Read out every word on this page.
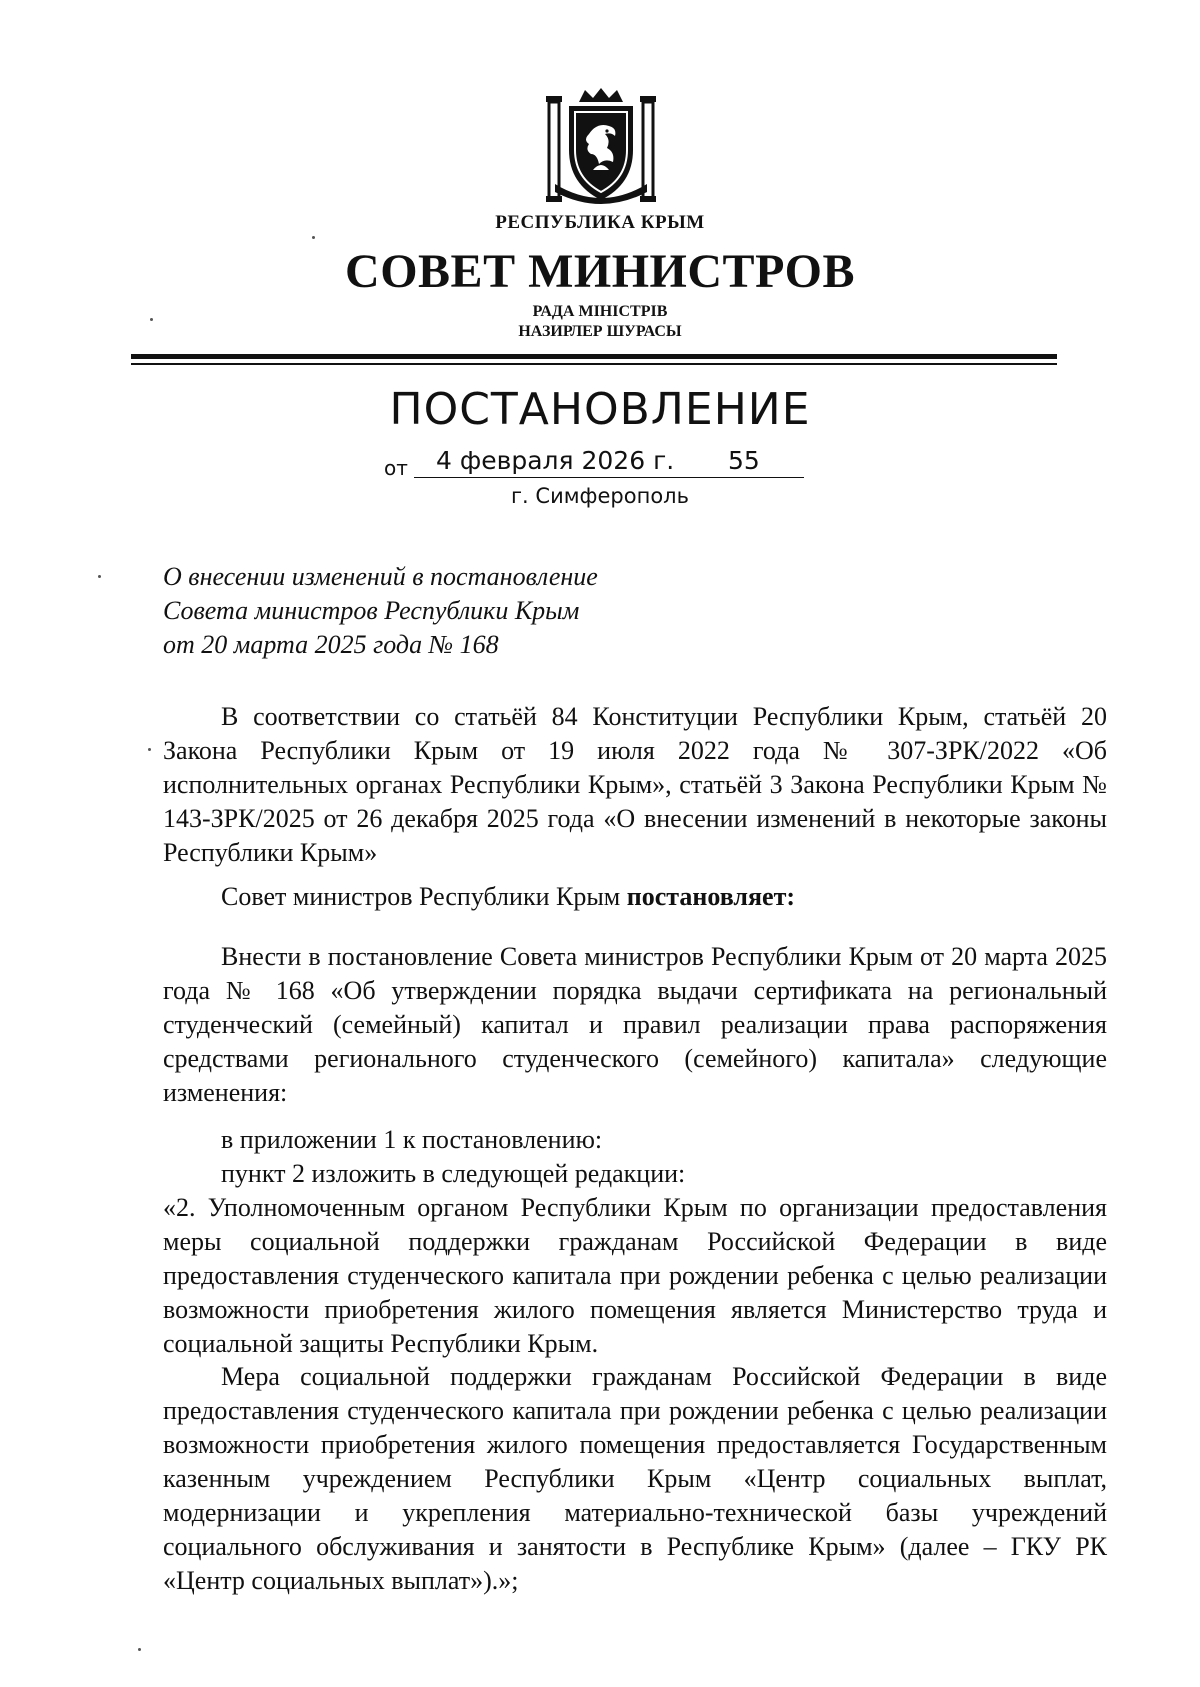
РЕСПУБЛИКА КРЫМ
СОВЕТ МИНИСТРОВ
РАДА МІНІСТРІВ
НАЗИРЛЕР ШУРАСЫ
ПОСТАНОВЛЕНИЕ
от 4 февраля 2026 г. 55
г. Симферополь
О внесении изменений в постановление
Совета министров Республики Крым
от 20 марта 2025 года № 168

В соответствии со статьёй 84 Конституции Республики Крым, статьёй 20 Закона Республики Крым от 19 июля 2022 года № 307-ЗРК/2022 «Об исполнительных органах Республики Крым», статьёй 3 Закона Республики Крым № 143-ЗРК/2025 от 26 декабря 2025 года «О внесении изменений в некоторые законы Республики Крым»

Совет министров Республики Крым постановляет:

Внести в постановление Совета министров Республики Крым от 20 марта 2025 года № 168 «Об утверждении порядка выдачи сертификата на региональный студенческий (семейный) капитал и правил реализации права распоряжения средствами регионального студенческого (семейного) капитала» следующие изменения:

в приложении 1 к постановлению:

пункт 2 изложить в следующей редакции:

«2. Уполномоченным органом Республики Крым по организации предоставления меры социальной поддержки гражданам Российской Федерации в виде предоставления студенческого капитала при рождении ребенка с целью реализации возможности приобретения жилого помещения является Министерство труда и социальной защиты Республики Крым.

Мера социальной поддержки гражданам Российской Федерации в виде предоставления студенческого капитала при рождении ребенка с целью реализации возможности приобретения жилого помещения предоставляется Государственным казенным учреждением Республики Крым «Центр социальных выплат, модернизации и укрепления материально-технической базы учреждений социального обслуживания и занятости в Республике Крым» (далее – ГКУ РК «Центр социальных выплат»).»;
